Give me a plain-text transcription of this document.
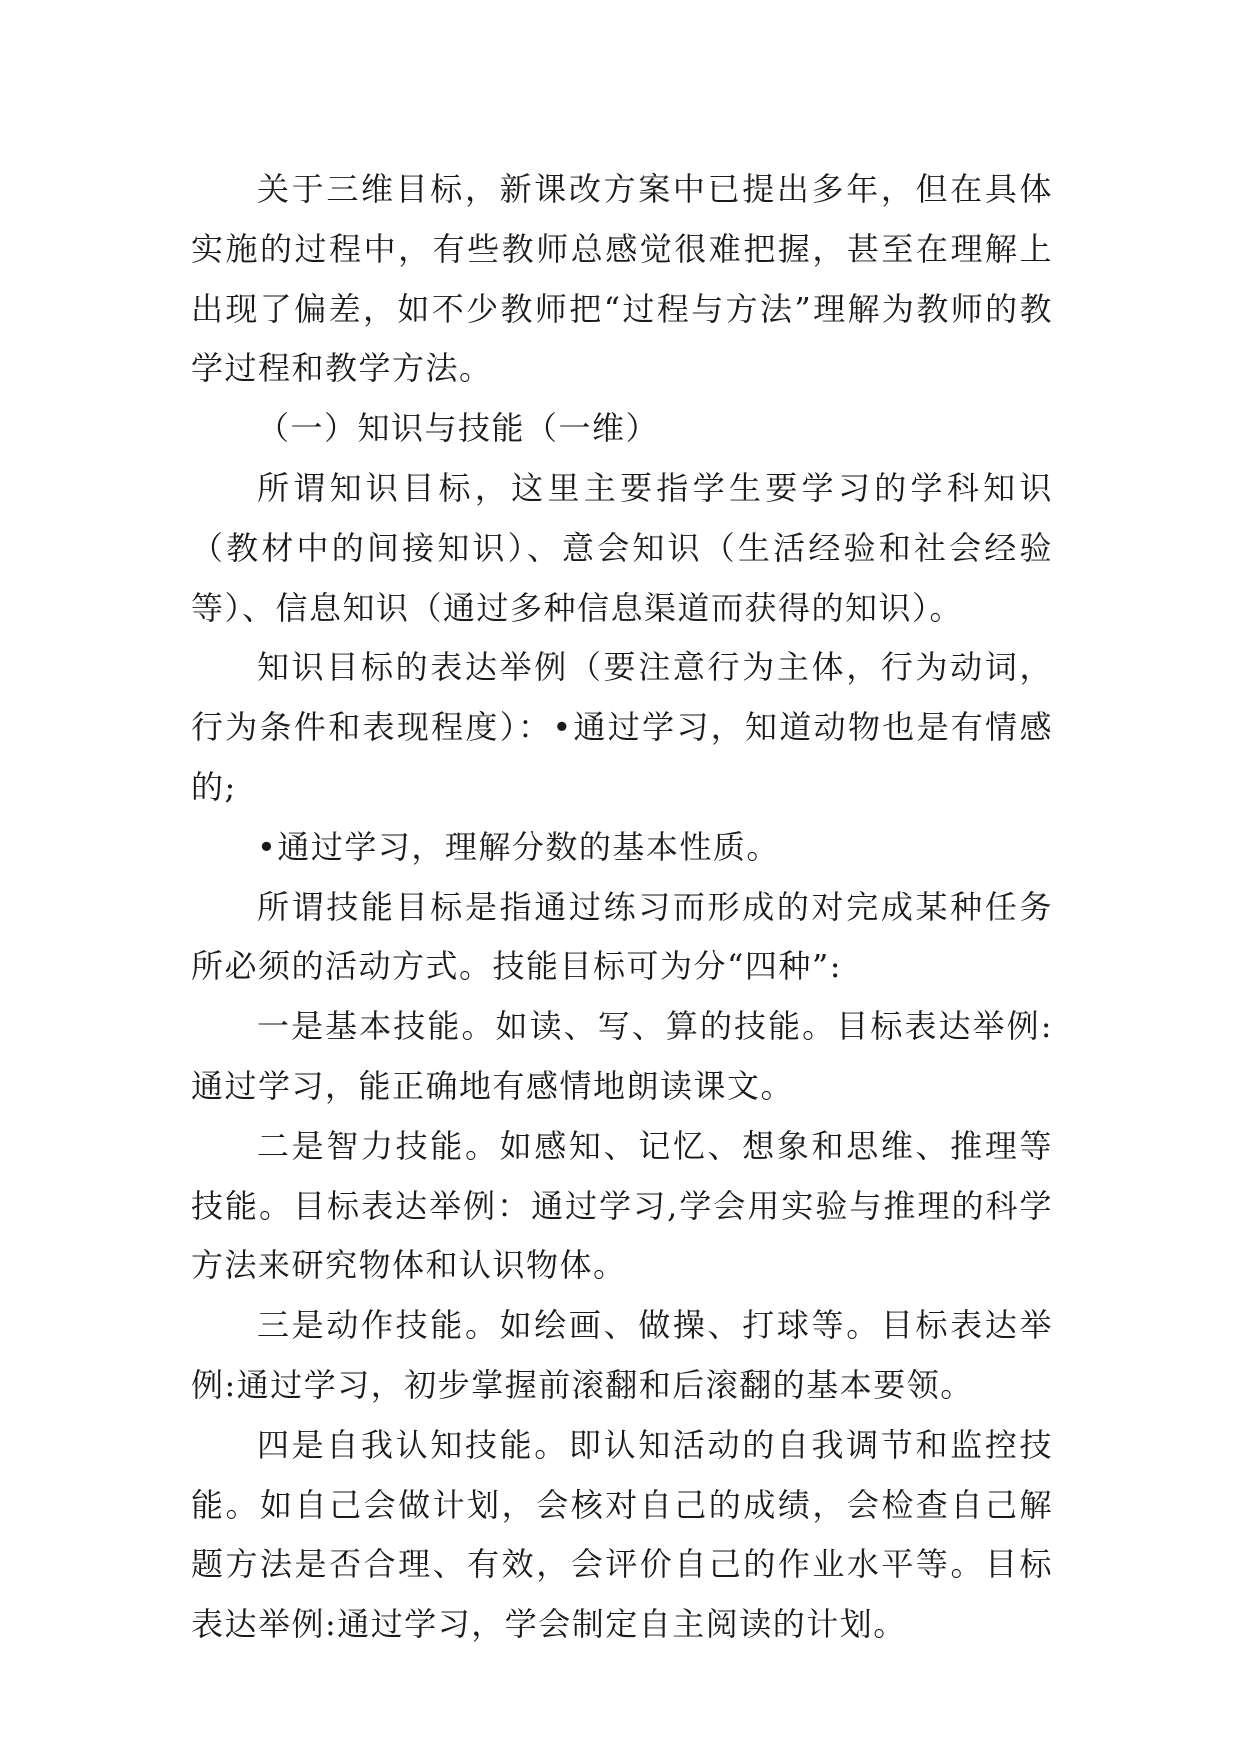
关于三维目标，新课改方案中已提出多年，但在具体实施的过程中，有些教师总感觉很难把握，甚至在理解上出现了偏差，如不少教师把“过程与方法”理解为教师的教学过程和教学方法。

（一）知识与技能（一维）

所谓知识目标，这里主要指学生要学习的学科知识（教材中的间接知识）、意会知识（生活经验和社会经验等）、信息知识（通过多种信息渠道而获得的知识）。

知识目标的表达举例（要注意行为主体，行为动词，行为条件和表现程度）：•通过学习，知道动物也是有情感的;

•通过学习，理解分数的基本性质。

所谓技能目标是指通过练习而形成的对完成某种任务所必须的活动方式。技能目标可为分“四种”:

一是基本技能。如读、写、算的技能。目标表达举例:通过学习，能正确地有感情地朗读课文。

二是智力技能。如感知、记忆、想象和思维、推理等技能。目标表达举例：通过学习,学会用实验与推理的科学方法来研究物体和认识物体。

三是动作技能。如绘画、做操、打球等。目标表达举例:通过学习，初步掌握前滚翻和后滚翻的基本要领。

四是自我认知技能。即认知活动的自我调节和监控技能。如自己会做计划，会核对自己的成绩，会检查自己解题方法是否合理、有效，会评价自己的作业水平等。目标表达举例:通过学习，学会制定自主阅读的计划。
